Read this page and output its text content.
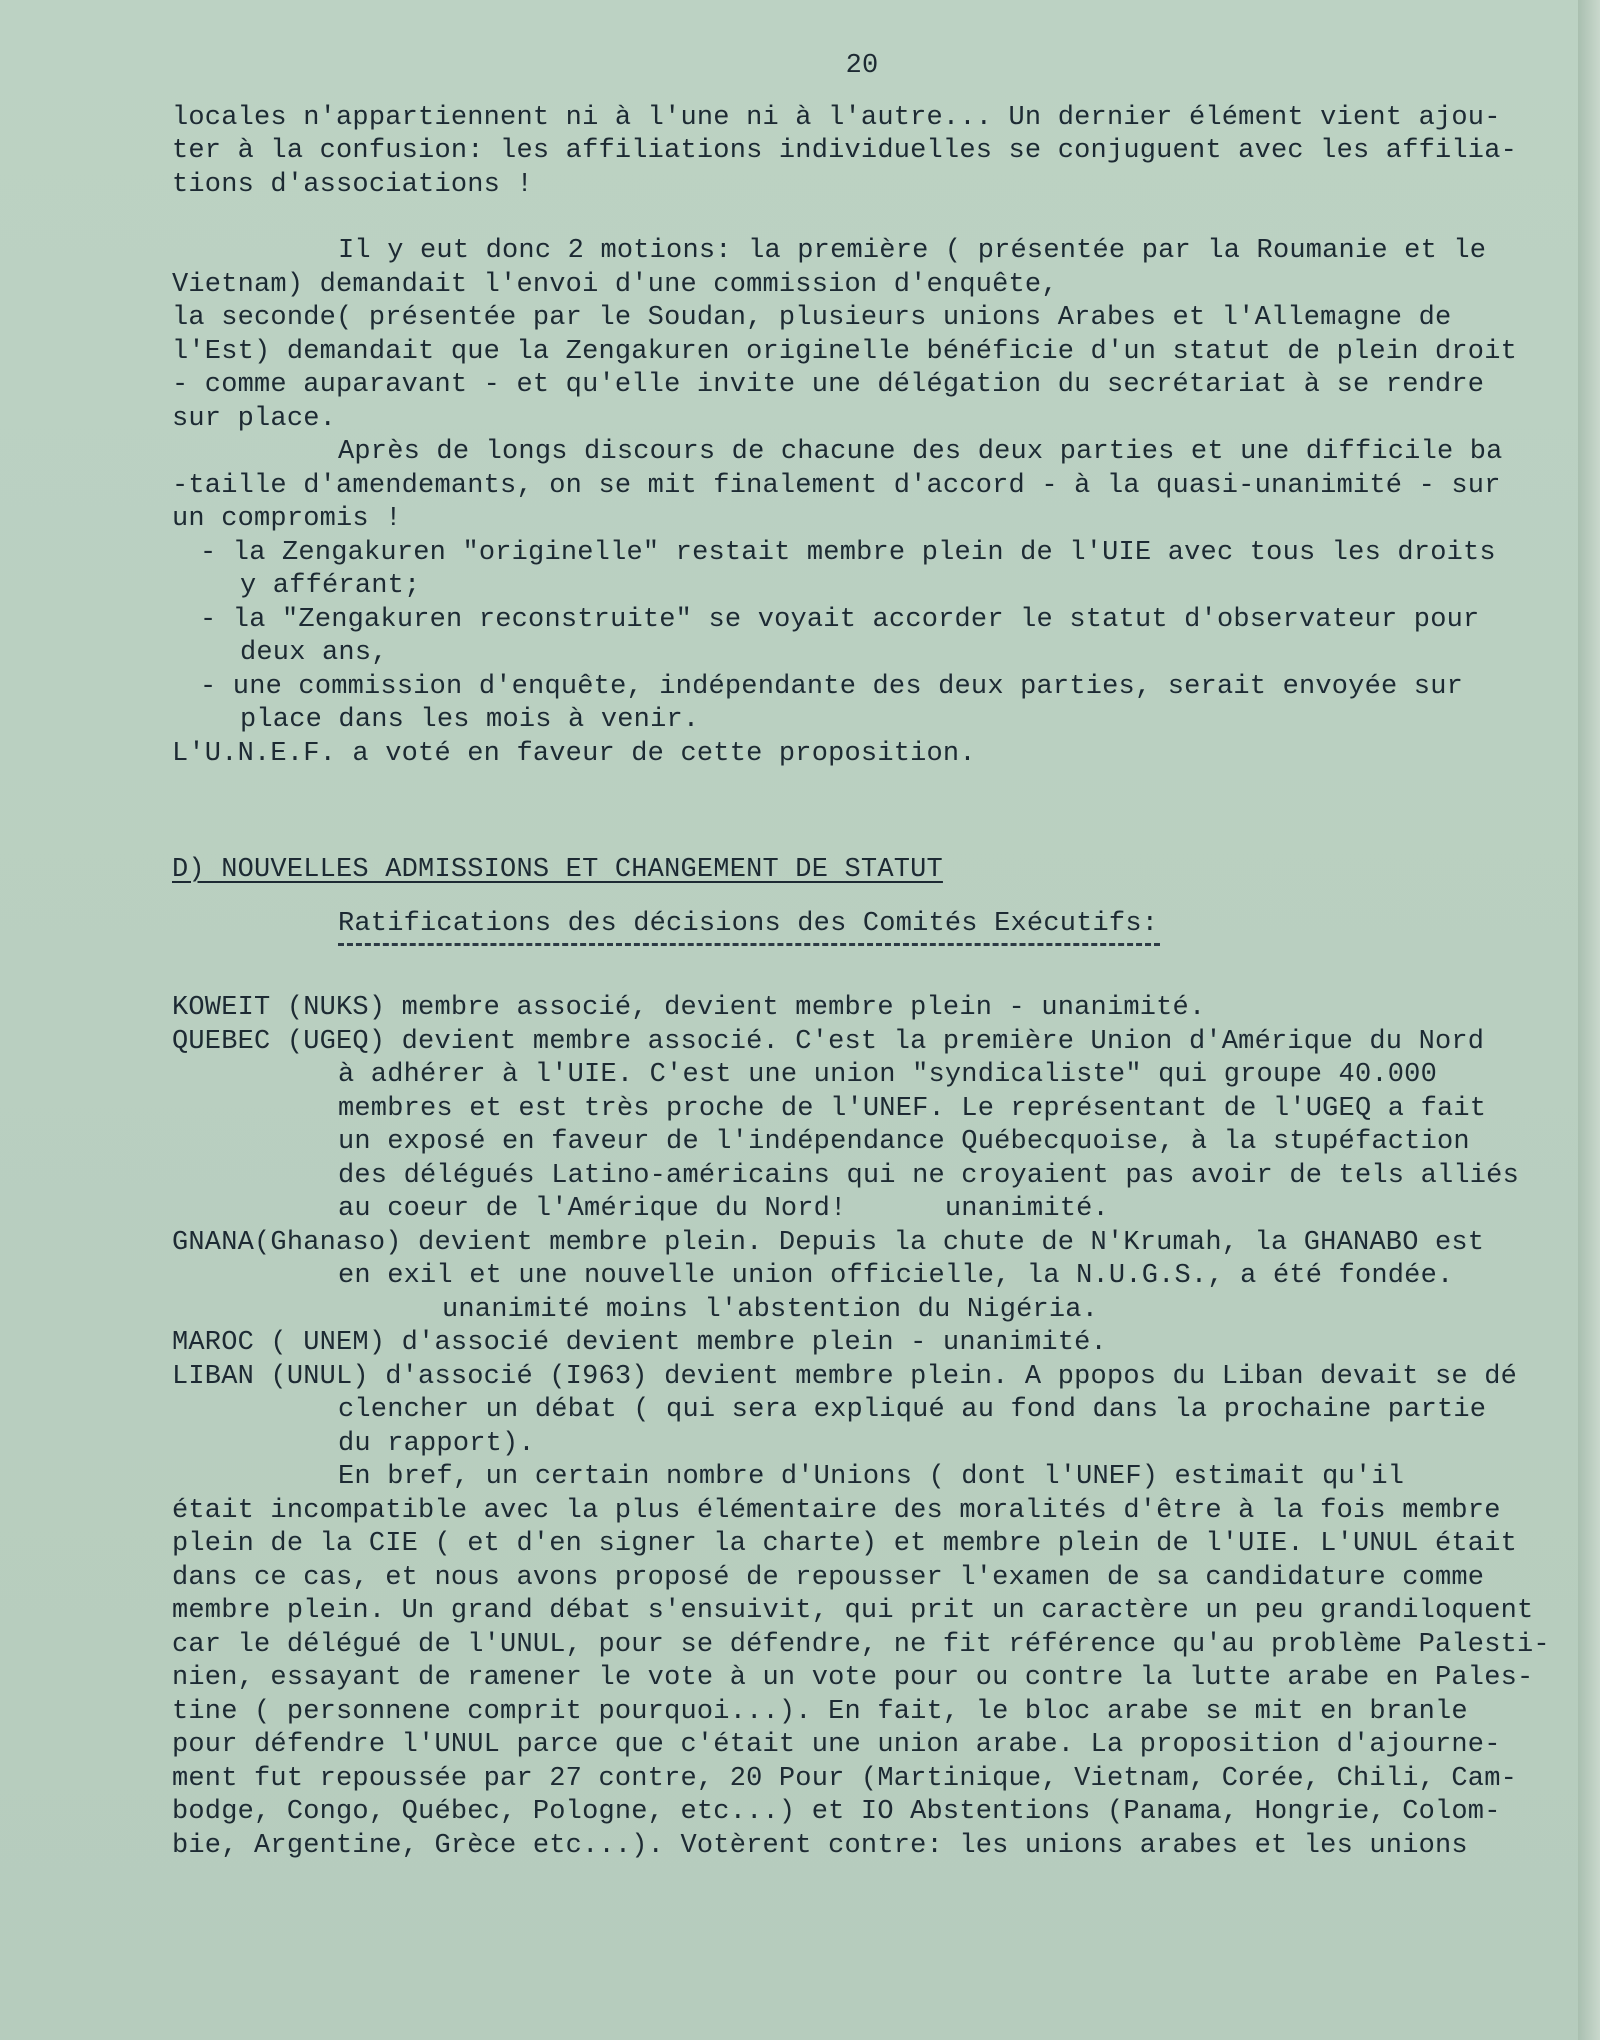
20
locales n'appartiennent ni à l'une ni à l'autre... Un dernier élément vient ajou-
ter à la confusion: les affiliations individuelles se conjuguent avec les affilia-
tions d'associations !
Il y eut donc 2 motions: la première ( présentée par la Roumanie et le
Vietnam) demandait l'envoi d'une commission d'enquête,
la seconde( présentée par le Soudan, plusieurs unions Arabes et l'Allemagne de
l'Est) demandait que la Zengakuren originelle bénéficie d'un statut de plein droit
- comme auparavant - et qu'elle invite une délégation du secrétariat à se rendre
sur place.
Après de longs discours de chacune des deux parties et une difficile ba
-taille d'amendemants, on se mit finalement d'accord - à la quasi-unanimité - sur
un compromis !
- la Zengakuren "originelle" restait membre plein de l'UIE avec tous les droits
y afférant;
- la "Zengakuren reconstruite" se voyait accorder le statut d'observateur pour
deux ans,
- une commission d'enquête, indépendante des deux parties, serait envoyée sur
place dans les mois à venir.
L'U.N.E.F. a voté en faveur de cette proposition.
D) NOUVELLES ADMISSIONS ET CHANGEMENT DE STATUT
Ratifications des décisions des Comités Exécutifs:
KOWEIT (NUKS) membre associé, devient membre plein - unanimité.
QUEBEC (UGEQ) devient membre associé. C'est la première Union d'Amérique du Nord
à adhérer à l'UIE. C'est une union "syndicaliste" qui groupe 40.000
membres et est très proche de l'UNEF. Le représentant de l'UGEQ a fait
un exposé en faveur de l'indépendance Québecquoise, à la stupéfaction
des délégués Latino-américains qui ne croyaient pas avoir de tels alliés
au coeur de l'Amérique du Nord!      unanimité.
GNANA(Ghanaso) devient membre plein. Depuis la chute de N'Krumah, la GHANABO est
en exil et une nouvelle union officielle, la N.U.G.S., a été fondée.
unanimité moins l'abstention du Nigéria.
MAROC ( UNEM) d'associé devient membre plein - unanimité.
LIBAN (UNUL) d'associé (I963) devient membre plein. A ppopos du Liban devait se dé
clencher un débat ( qui sera expliqué au fond dans la prochaine partie
du rapport).
En bref, un certain nombre d'Unions ( dont l'UNEF) estimait qu'il
était incompatible avec la plus élémentaire des moralités d'être à la fois membre
plein de la CIE ( et d'en signer la charte) et membre plein de l'UIE. L'UNUL était
dans ce cas, et nous avons proposé de repousser l'examen de sa candidature comme
membre plein. Un grand débat s'ensuivit, qui prit un caractère un peu grandiloquent
car le délégué de l'UNUL, pour se défendre, ne fit référence qu'au problème Palesti-
nien, essayant de ramener le vote à un vote pour ou contre la lutte arabe en Pales-
tine ( personnene comprit pourquoi...). En fait, le bloc arabe se mit en branle
pour défendre l'UNUL parce que c'était une union arabe. La proposition d'ajourne-
ment fut repoussée par 27 contre, 20 Pour (Martinique, Vietnam, Corée, Chili, Cam-
bodge, Congo, Québec, Pologne, etc...) et IO Abstentions (Panama, Hongrie, Colom-
bie, Argentine, Grèce etc...). Votèrent contre: les unions arabes et les unions
